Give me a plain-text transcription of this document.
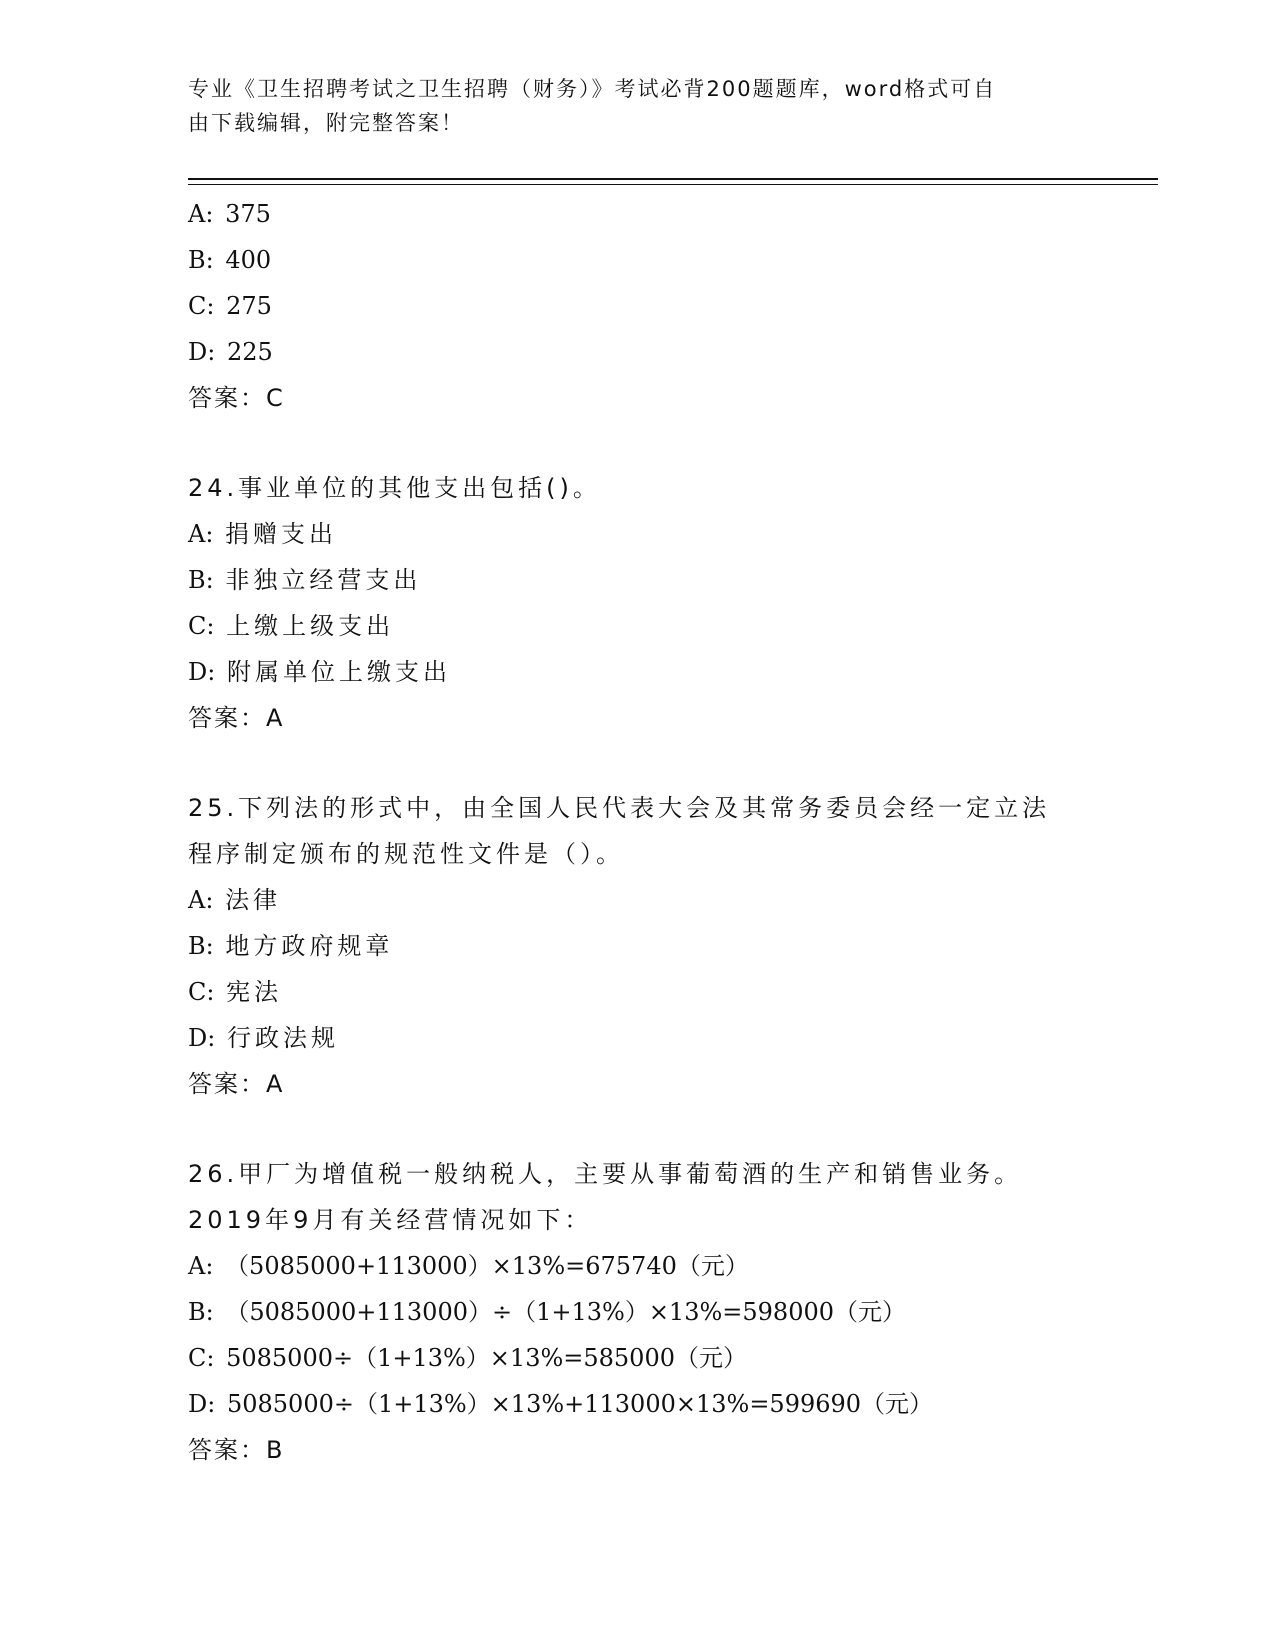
专业《卫生招聘考试之卫生招聘（财务）》考试必背200题题库，word格式可自
由下载编辑，附完整答案！
A: 375
B: 400
C: 275
D: 225
答案：C
24.事业单位的其他支出包括()。
A: 捐赠支出
B: 非独立经营支出
C: 上缴上级支出
D: 附属单位上缴支出
答案：A
25.下列法的形式中，由全国人民代表大会及其常务委员会经一定立法
程序制定颁布的规范性文件是（）。
A: 法律
B: 地方政府规章
C: 宪法
D: 行政法规
答案：A
26.甲厂为增值税一般纳税人，主要从事葡萄酒的生产和销售业务。
2019年9月有关经营情况如下：
A: （5085000+113000）×13%=675740（元）
B: （5085000+113000）÷（1+13%）×13%=598000（元）
C: 5085000÷（1+13%）×13%=585000（元）
D: 5085000÷（1+13%）×13%+113000×13%=599690（元）
答案：B
